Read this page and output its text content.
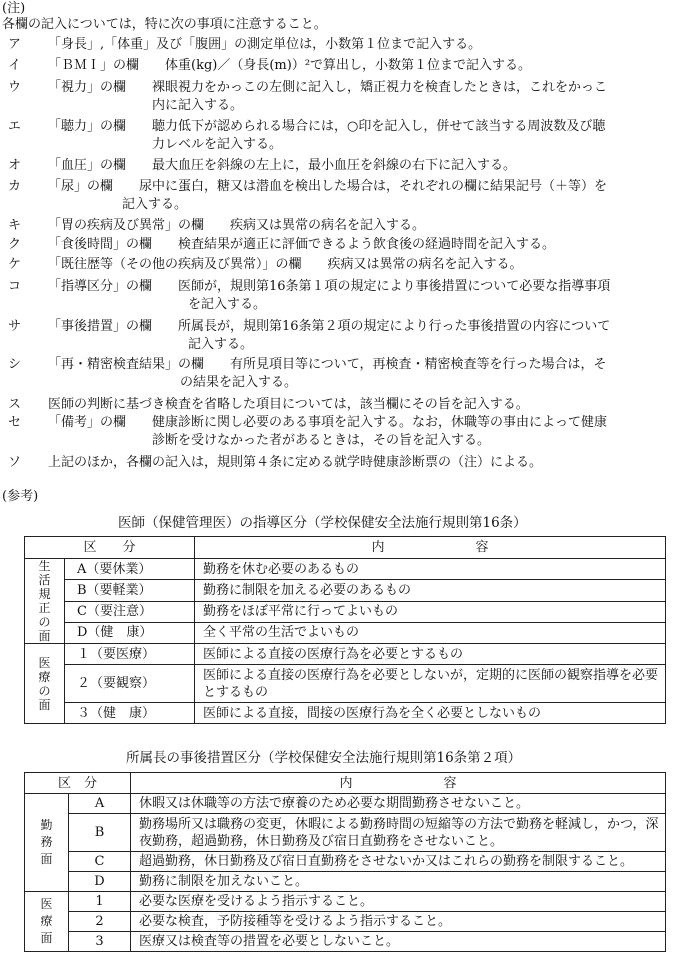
(注)
各欄の記入については，特に次の事項に注意すること。
ア	「身長」,「体重」及び「腹囲」の測定単位は，小数第１位まで記入する。
イ	「ＢＭＩ」の欄　　体重(kg)／（身長(m)）²で算出し，小数第１位まで記入する。
ウ	「視力」の欄　　裸眼視力をかっこの左側に記入し，矯正視力を検査したときは，これをかっこ
内に記入する。
エ	「聴力」の欄　　聴力低下が認められる場合には，○印を記入し，併せて該当する周波数及び聴
力レベルを記入する。
オ	「血圧」の欄　　最大血圧を斜線の左上に，最小血圧を斜線の右下に記入する。
カ	「尿」の欄　　尿中に蛋白，糖又は潜血を検出した場合は，それぞれの欄に結果記号（＋等）を
記入する。
キ	「胃の疾病及び異常」の欄　　疾病又は異常の病名を記入する。
ク	「食後時間」の欄　　検査結果が適正に評価できるよう飲食後の経過時間を記入する。
ケ	「既往歴等（その他の疾病及び異常）」の欄　　疾病又は異常の病名を記入する。
コ	「指導区分」の欄　　医師が，規則第16条第１項の規定により事後措置について必要な指導事項
を記入する。
サ	「事後措置」の欄　　所属長が，規則第16条第２項の規定により行った事後措置の内容について
記入する。
シ	「再・精密検査結果」の欄　　有所見項目等について，再検査・精密検査等を行った場合は，そ
の結果を記入する。
ス	医師の判断に基づき検査を省略した項目については，該当欄にその旨を記入する。
セ	「備考」の欄　　健康診断に関し必要のある事項を記入する。なお，休職等の事由によって健康
診断を受けなかった者があるときは，その旨を記入する。
ソ	上記のほか，各欄の記入は，規則第４条に定める就学時健康診断票の（注）による。
(参考)
医師（保健管理医）の指導区分（学校保健安全法施行規則第16条）
区　　分		内　　　　　　　容
生活規正の面	A（要休業）	勤務を休む必要のあるもの
	B（要軽業）	勤務に制限を加える必要のあるもの
	C（要注意）	勤務をほぼ平常に行ってよいもの
	D（健　康）	全く平常の生活でよいもの
医療の面	１（要医療）	医師による直接の医療行為を必要とするもの
	２（要観察）	医師による直接の医療行為を必要としないが，定期的に医師の観察指導を必要とするもの
	３（健　康）	医師による直接，間接の医療行為を全く必要としないもの
所属長の事後措置区分（学校保健安全法施行規則第16条第２項）
区　分		内　　　　　　　容
勤務面	A	休暇又は休職等の方法で療養のため必要な期間勤務させないこと。
	B	勤務場所又は職務の変更，休暇による勤務時間の短縮等の方法で勤務を軽減し，かつ，深夜勤務，超過勤務，休日勤務及び宿日直勤務をさせないこと。
	C	超過勤務，休日勤務及び宿日直勤務をさせないか又はこれらの勤務を制限すること。
	D	勤務に制限を加えないこと。
医療面	1	必要な医療を受けるよう指示すること。
	2	必要な検査，予防接種等を受けるよう指示すること。
	3	医療又は検査等の措置を必要としないこと。
